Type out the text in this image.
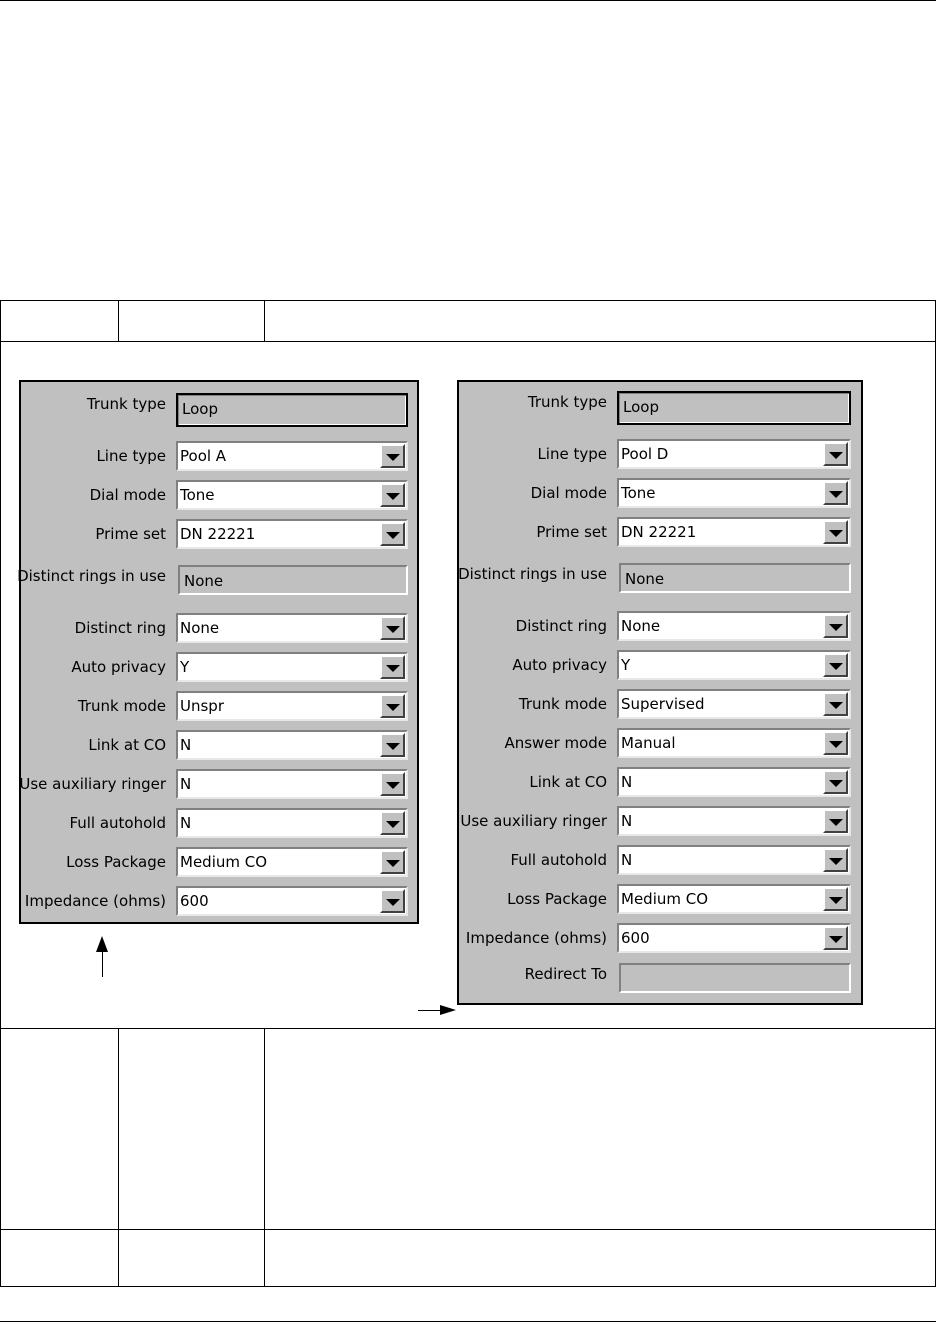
Trunk type Loop
Line type Pool A
Dial mode Tone
Prime set DN 22221
Distinct rings in use None
Distinct ring None
Auto privacy Y
Trunk mode Unspr
Link at CO N
Use auxiliary ringer N
Full autohold N
Loss Package Medium CO
Impedance (ohms) 600
Trunk type Loop
Line type Pool D
Dial mode Tone
Prime set DN 22221
Distinct rings in use None
Distinct ring None
Auto privacy Y
Trunk mode Supervised
Answer mode Manual
Link at CO N
Use auxiliary ringer N
Full autohold N
Loss Package Medium CO
Impedance (ohms) 600
Redirect To
